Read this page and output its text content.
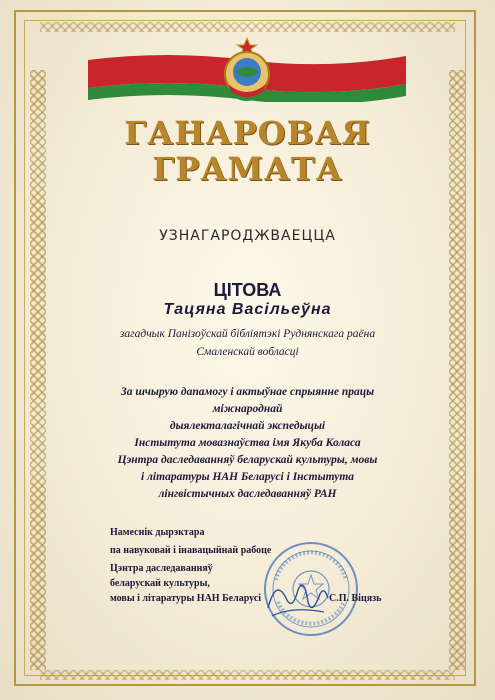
ГАНАРОВАЯ
ГРАМАТА
УЗНАГАРОДЖВАЕЦЦА
ЦІТОВА
Тацяна Васільеўна
загадчык Панізоўскай бібліятэкі Руднянскага раёна
Смаленскай вобласці
За шчырую дапамогу і актыўнае спрыянне працы
міжнароднай
дыялекталагічнай экспедыцыі
Інстытута мовазнаўства імя Якуба Коласа
Цэнтра даследаванняў беларускай культуры, мовы
і літаратуры НАН Беларусі і Інстытута
лінгвістычных даследаванняў РАН
Намеснік дырэктара
па навуковай і інавацыйнай рабоце
Цэнтра даследаванняў
беларускай культуры,
мовы і літаратуры НАН Беларусі	С.П. Віцязь
